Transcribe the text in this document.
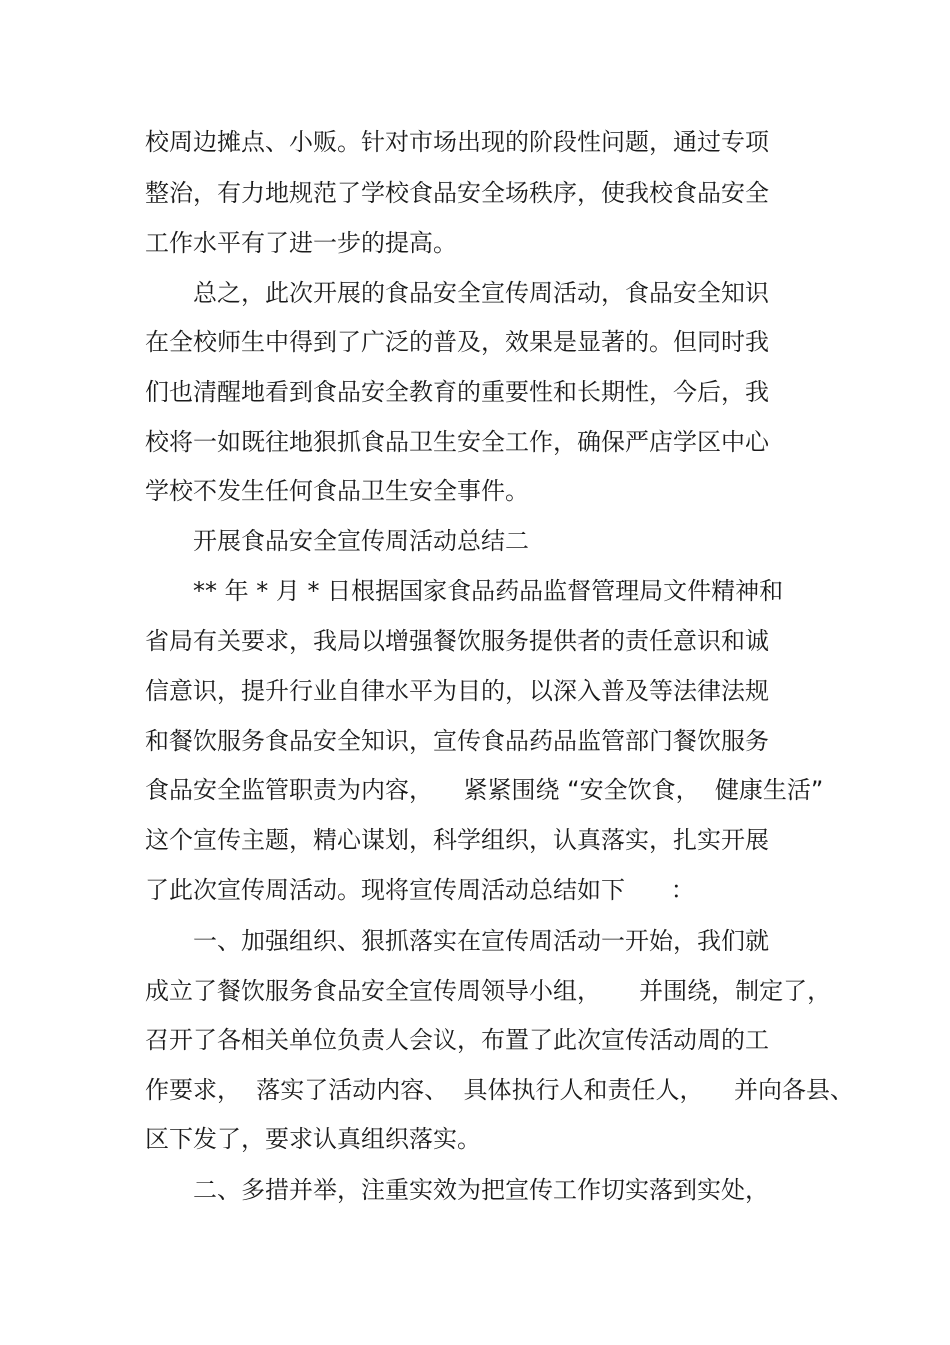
校周边摊点、小贩。针对市场出现的阶段性问题，通过专项
整治，有力地规范了学校食品安全场秩序，使我校食品安全
工作水平有了进一步的提高。
总之，此次开展的食品安全宣传周活动，食品安全知识
在全校师生中得到了广泛的普及，效果是显著的。但同时我
们也清醒地看到食品安全教育的重要性和长期性，今后，我
校将一如既往地狠抓食品卫生安全工作，确保严店学区中心
学校不发生任何食品卫生安全事件。
开展食品安全宣传周活动总结二
** 年 * 月 * 日根据国家食品药品监督管理局文件精神和
省局有关要求，我局以增强餐饮服务提供者的责任意识和诚
信意识，提升行业自律水平为目的，以深入普及等法律法规
和餐饮服务食品安全知识，宣传食品药品监管部门餐饮服务
食品安全监管职责为内容，    紧紧围绕 “安全饮食，  健康生活”
这个宣传主题，精心谋划，科学组织，认真落实，扎实开展
了此次宣传周活动。现将宣传周活动总结如下      ：
一、加强组织、狠抓落实在宣传周活动一开始，我们就
成立了餐饮服务食品安全宣传周领导小组，     并围绕，制定了，
召开了各相关单位负责人会议，布置了此次宣传活动周的工
作要求，  落实了活动内容、  具体执行人和责任人，    并向各县、
区下发了，要求认真组织落实。
二、多措并举，注重实效为把宣传工作切实落到实处，
